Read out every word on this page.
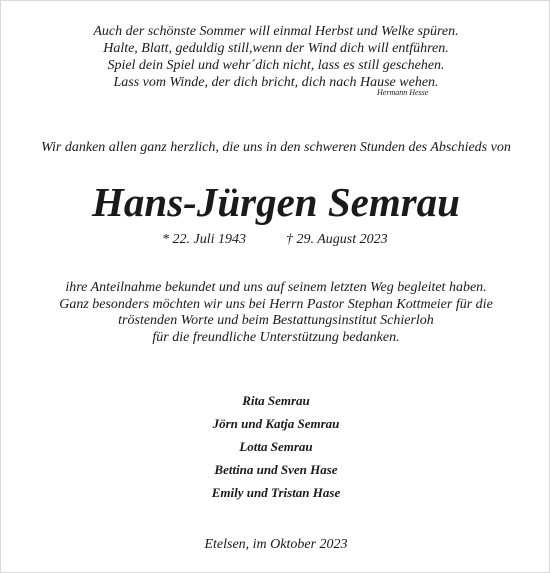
Auch der schönste Sommer will einmal Herbst und Welke spüren.
Halte, Blatt, geduldig still,wenn der Wind dich will entführen.
Spiel dein Spiel und wehr´dich nicht, lass es still geschehen.
Lass vom Winde, der dich bricht, dich nach Hause wehen.
Hermann Hesse
Wir danken allen ganz herzlich, die uns in den schweren Stunden des Abschieds von
Hans-Jürgen Semrau
* 22. Juli 1943	† 29. August 2023
ihre Anteilnahme bekundet und uns auf seinem letzten Weg begleitet haben.
Ganz besonders möchten wir uns bei Herrn Pastor Stephan Kottmeier für die
tröstenden Worte und beim Bestattungsinstitut Schierloh
für die freundliche Unterstützung bedanken.
Rita Semrau
Jörn und Katja Semrau
Lotta Semrau
Bettina und Sven Hase
Emily und Tristan Hase
Etelsen, im Oktober 2023
